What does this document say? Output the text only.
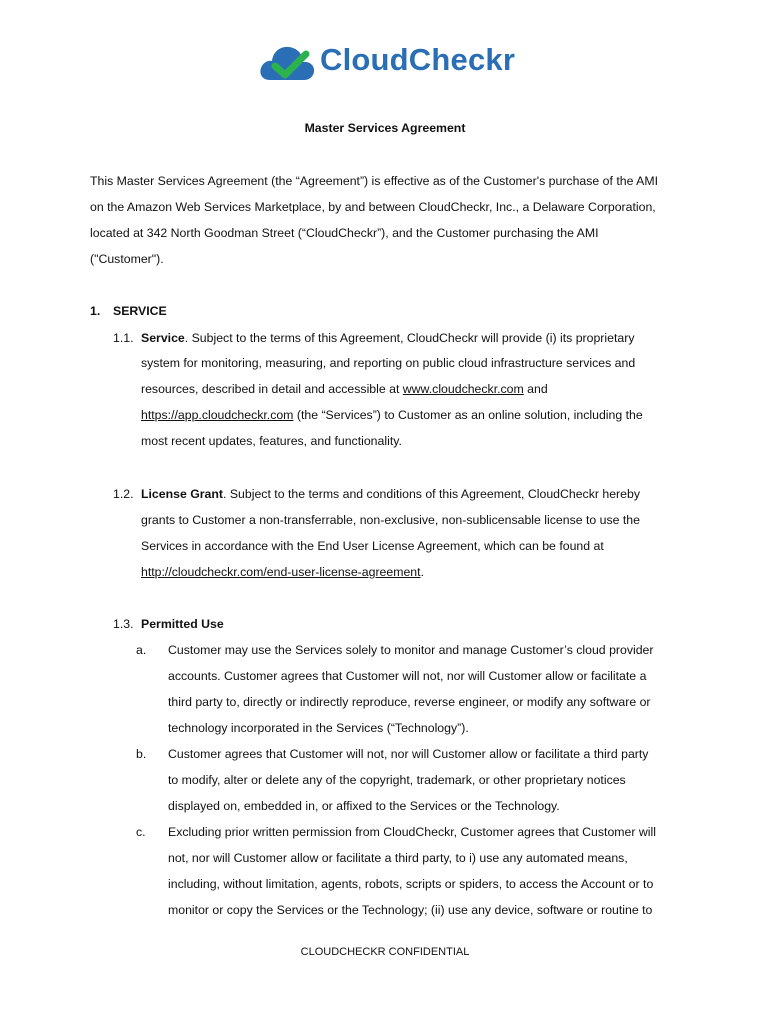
CloudCheckr
Master Services Agreement
This Master Services Agreement (the “Agreement”) is effective as of the Customer's purchase of the AMI
on the Amazon Web Services Marketplace, by and between CloudCheckr, Inc., a Delaware Corporation,
located at 342 North Goodman Street (“CloudCheckr”), and the Customer purchasing the AMI
("Customer").
1. SERVICE
1.1. Service. Subject to the terms of this Agreement, CloudCheckr will provide (i) its proprietary
system for monitoring, measuring, and reporting on public cloud infrastructure services and
resources, described in detail and accessible at www.cloudcheckr.com and
https://app.cloudcheckr.com (the “Services”) to Customer as an online solution, including the
most recent updates, features, and functionality.
1.2. License Grant. Subject to the terms and conditions of this Agreement, CloudCheckr hereby
grants to Customer a non-transferrable, non-exclusive, non-sublicensable license to use the
Services in accordance with the End User License Agreement, which can be found at
http://cloudcheckr.com/end-user-license-agreement.
1.3. Permitted Use
a. Customer may use the Services solely to monitor and manage Customer’s cloud provider
accounts. Customer agrees that Customer will not, nor will Customer allow or facilitate a
third party to, directly or indirectly reproduce, reverse engineer, or modify any software or
technology incorporated in the Services (“Technology”).
b. Customer agrees that Customer will not, nor will Customer allow or facilitate a third party
to modify, alter or delete any of the copyright, trademark, or other proprietary notices
displayed on, embedded in, or affixed to the Services or the Technology.
c. Excluding prior written permission from CloudCheckr, Customer agrees that Customer will
not, nor will Customer allow or facilitate a third party, to i) use any automated means,
including, without limitation, agents, robots, scripts or spiders, to access the Account or to
monitor or copy the Services or the Technology; (ii) use any device, software or routine to
CLOUDCHECKR CONFIDENTIAL
